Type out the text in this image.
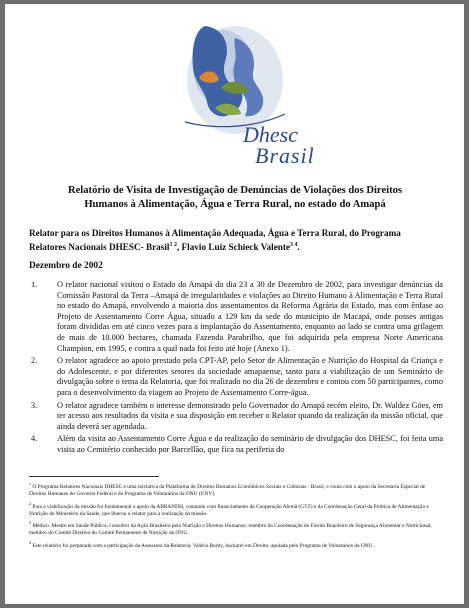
Dhesc
Brasil
Relatório de Visita de Investigação de Denúncias de Violações dos Direitos
Humanos à Alimentação, Água e Terra Rural, no estado do Amapá
Relator para os Direitos Humanos à Alimentação Adequada, Água e Terra Rural, do Programa
Relatores Nacionais DHESC- Brasil$^{1 2}$, Flavio Luiz Schieck Valente$^{3 4}$.
Dezembro de 2002
1. O relator nacional visitou o Estado do Amapá do dia 23 a 30 de Dezembro de 2002, para investigar denúncias da Comissão Pastoral da Terra –Amapá de irregularidades e violações ao Direito Humano à Alimentação e Terra Rural no estado do Amapá, envolvendo a maioria dos assentamentos da Reforma Agrária do Estado, mas com ênfase ao Projeto de Assentamento Corre Água, situado a 129 km da sede do município de Macapá, onde posses antigas foram divididas em até cinco vezes para a implantação do Assentamento, enquanto ao lado se contra uma grilagem de mais de 10.000 hectares, chamada Fazenda Parabrilho, que foi adquirida pela empresa Norte Americana Champion, em 1995, e contra a qual nada foi feito até hoje (Anexo 1).
2. O relator agradece ao apoio prestado pela CPT-AP, pelo Setor de Alimentação e Nutrição do Hospital da Criança e do Adolescente, e por diferentes setores da sociedade amapaense, tanto para a viabilização de um Seminário de divulgação sobre o tema da Relatoria, que foi realizado no dia 26 de dezembro e contou com 50 participantes, como para o desenvolvimento da viagem ao Projeto de Assentamento Corre-água.
3. O relator agradece também o interesse demonstrado pelo Governador do Amapá recém eleito, Dr. Waldez Góes, em ter acesso aos resultados da visita e sua disposição em receber o Relator quando da realização da missão oficial, que ainda deverá ser agendada.
4. Além da visita ao Assentamento Corre Água e da realização do seminário de divulgação dos DHESC, foi feita uma visita ao Cemitério conhecido por Barcellão, que fica na periferia do

$^1$ O Programa Relatores Nacionais DHESC é uma iniciativa da Plataforma de Direitos Humanos Econômicos Sociais e Culturais - Brasil, e conta com o apoio da Secretaria Especial de Direitos Humanos do Governo Federal e do Programa de Voluntários da ONU (UNV).

$^2$ Para a viabilização da missão foi fundamental o apoio da ABRANDH, contando com financiamento da Cooperação Alemã (GTZ) e da Coordenação Geral da Política de Alimentação e Nutrição do Ministério da Saúde, que liberou o relator para a realização da missão.

$^3$ Médico. Mestre em Saúde Pública; consultor da Ação Brasileira pela Nutrição e Direitos Humanos; membro da Coordenação do Fórum Brasileiro de Segurança Alimentar e Nutricional; membro do Comitê Diretivo do Comitê Permanente de Nutrição da ONU.

$^4$ Este relatório foi preparado com a participação da Assessora da Relatoria, Valéria Burity, bacharel em Direito, apoiada pelo Programa de Voluntários da ONU.
